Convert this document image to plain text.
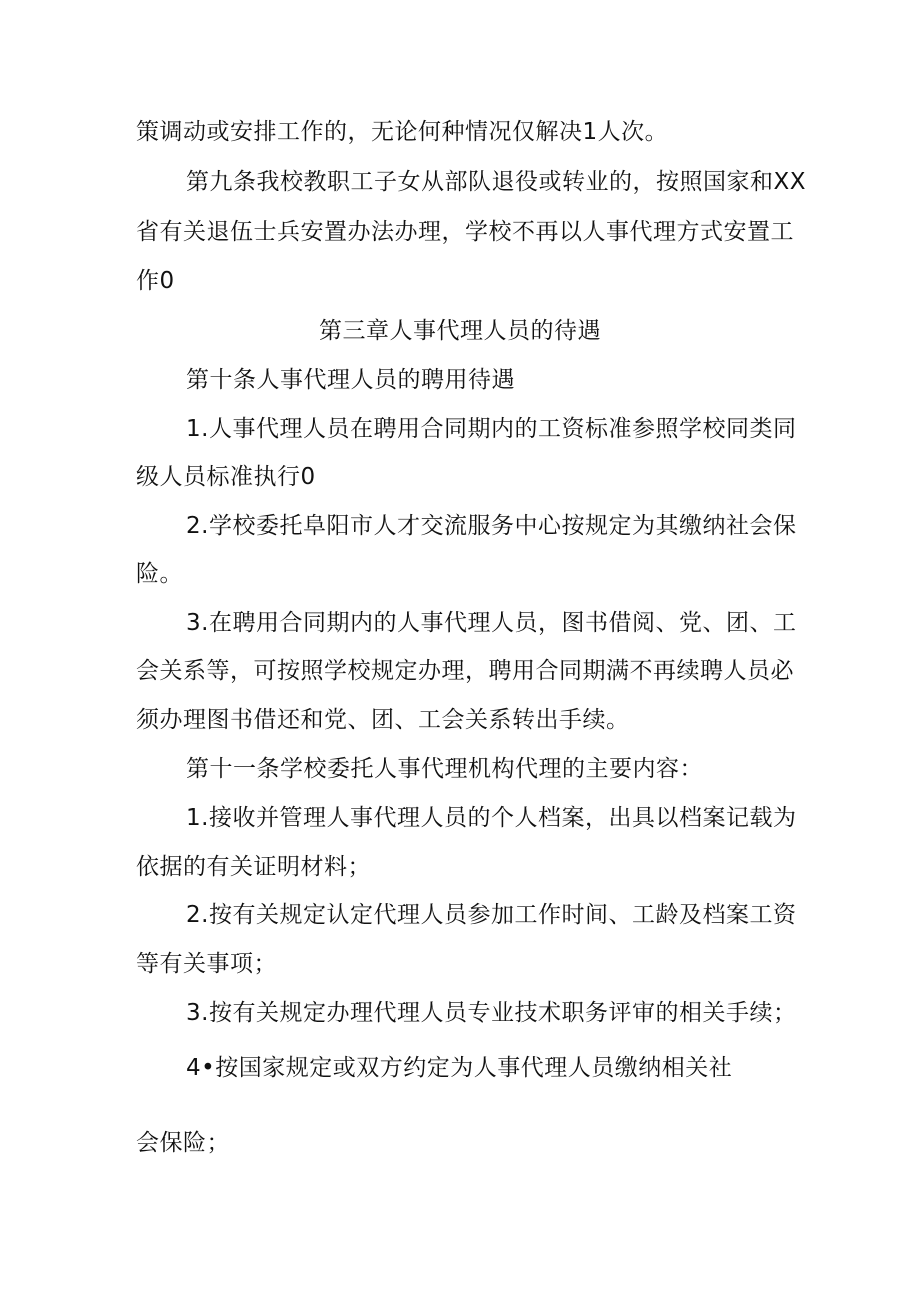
策调动或安排工作的，无论何种情况仅解决1人次。
第九条我校教职工子女从部队退役或转业的，按照国家和XX
省有关退伍士兵安置办法办理，学校不再以人事代理方式安置工
作0
第三章人事代理人员的待遇
第十条人事代理人员的聘用待遇
1.人事代理人员在聘用合同期内的工资标准参照学校同类同
级人员标准执行0
2.学校委托阜阳市人才交流服务中心按规定为其缴纳社会保
险。
3.在聘用合同期内的人事代理人员，图书借阅、党、团、工
会关系等，可按照学校规定办理，聘用合同期满不再续聘人员必
须办理图书借还和党、团、工会关系转出手续。
第十一条学校委托人事代理机构代理的主要内容：
1.接收并管理人事代理人员的个人档案，出具以档案记载为
依据的有关证明材料；
2.按有关规定认定代理人员参加工作时间、工龄及档案工资
等有关事项；
3.按有关规定办理代理人员专业技术职务评审的相关手续；
4•按国家规定或双方约定为人事代理人员缴纳相关社
会保险；
